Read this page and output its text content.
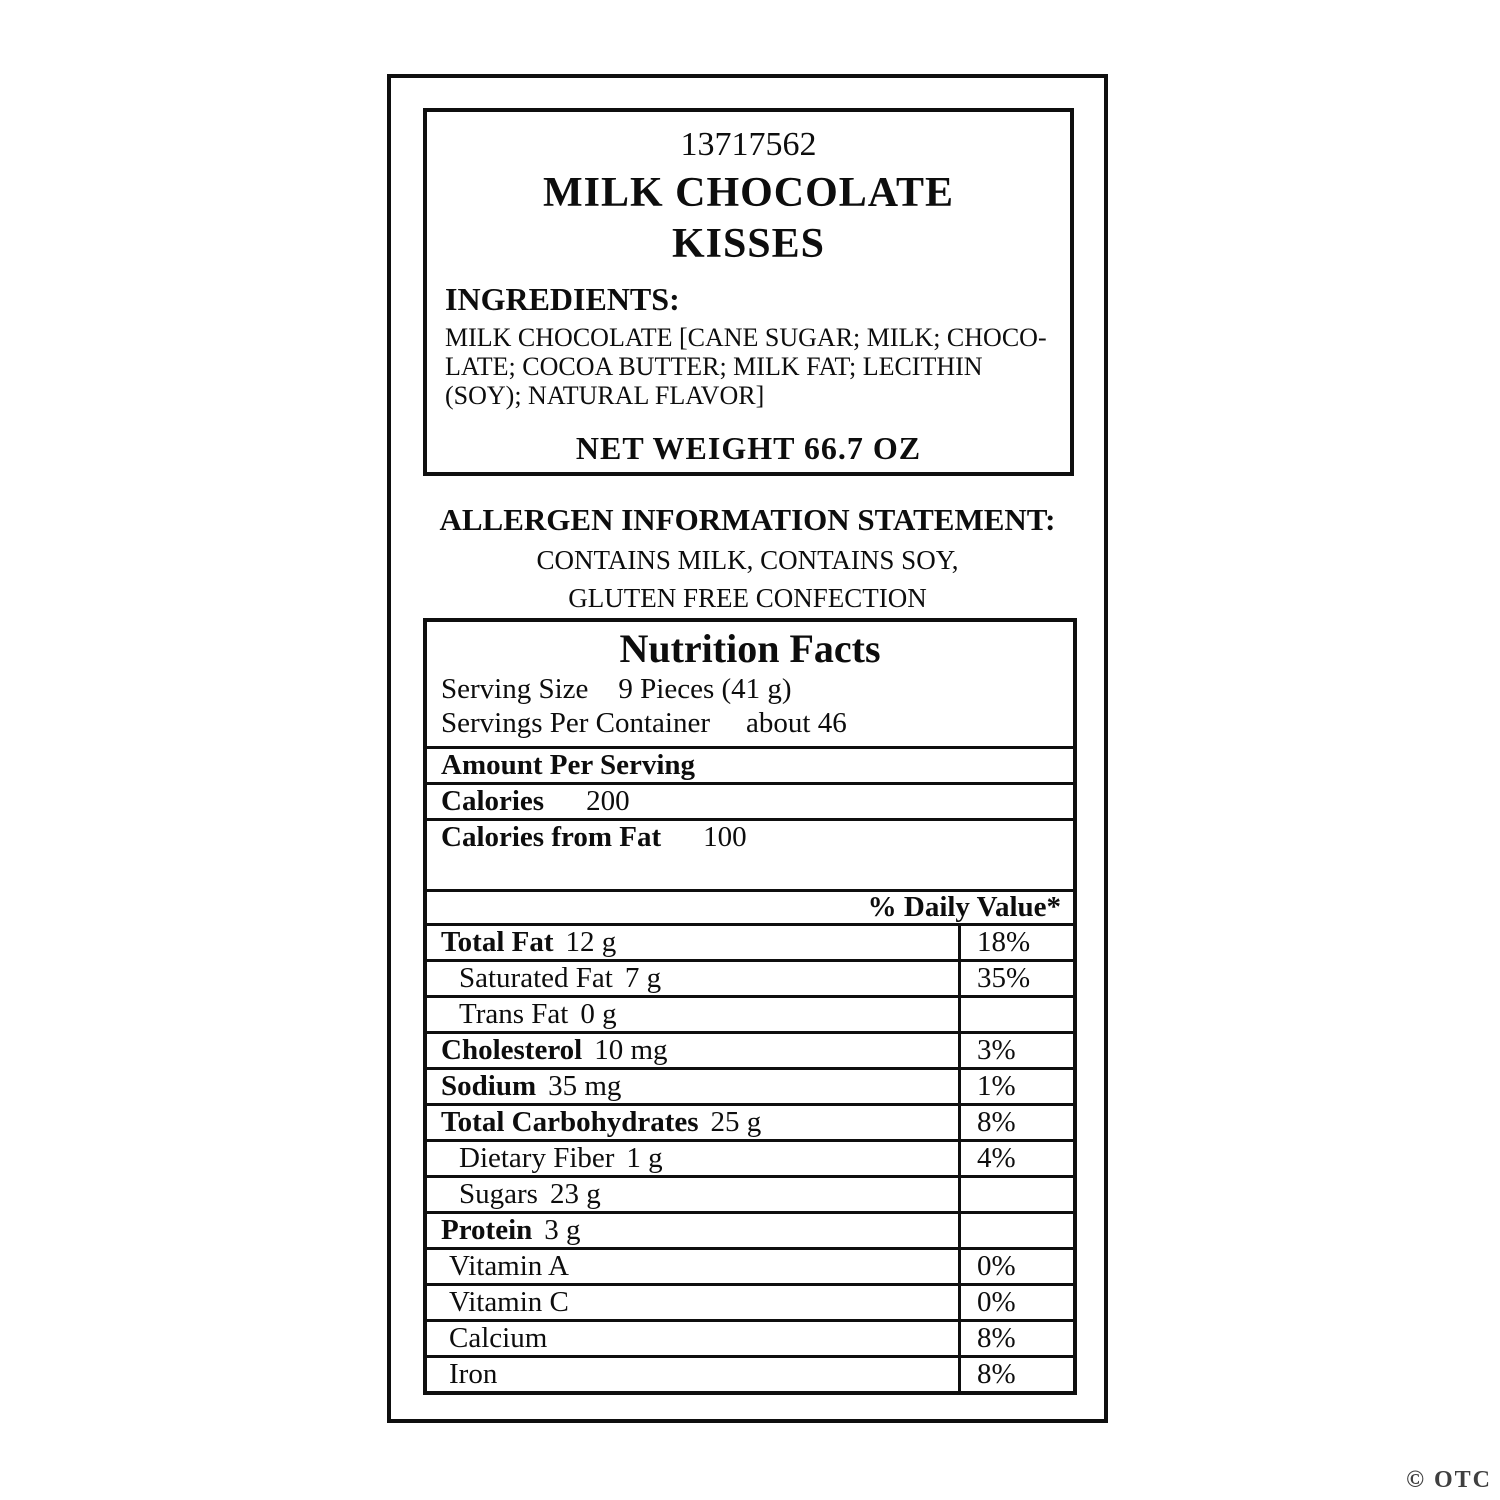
13717562
MILK CHOCOLATE
KISSES
INGREDIENTS:
MILK CHOCOLATE [CANE SUGAR; MILK; CHOCO-
LATE; COCOA BUTTER; MILK FAT; LECITHIN
(SOY); NATURAL FLAVOR]
NET WEIGHT 66.7 OZ
ALLERGEN INFORMATION STATEMENT:
CONTAINS MILK, CONTAINS SOY,
GLUTEN FREE CONFECTION
Nutrition Facts
Serving Size 9 Pieces (41 g)
Servings Per Container about 46
Amount Per Serving
Calories 200
Calories from Fat 100
% Daily Value*
Total Fat 12 g	18%
Saturated Fat 7 g	35%
Trans Fat 0 g
Cholesterol 10 mg	3%
Sodium 35 mg	1%
Total Carbohydrates 25 g	8%
Dietary Fiber 1 g	4%
Sugars 23 g
Protein 3 g
Vitamin A	0%
Vitamin C	0%
Calcium	8%
Iron	8%
© OTC
